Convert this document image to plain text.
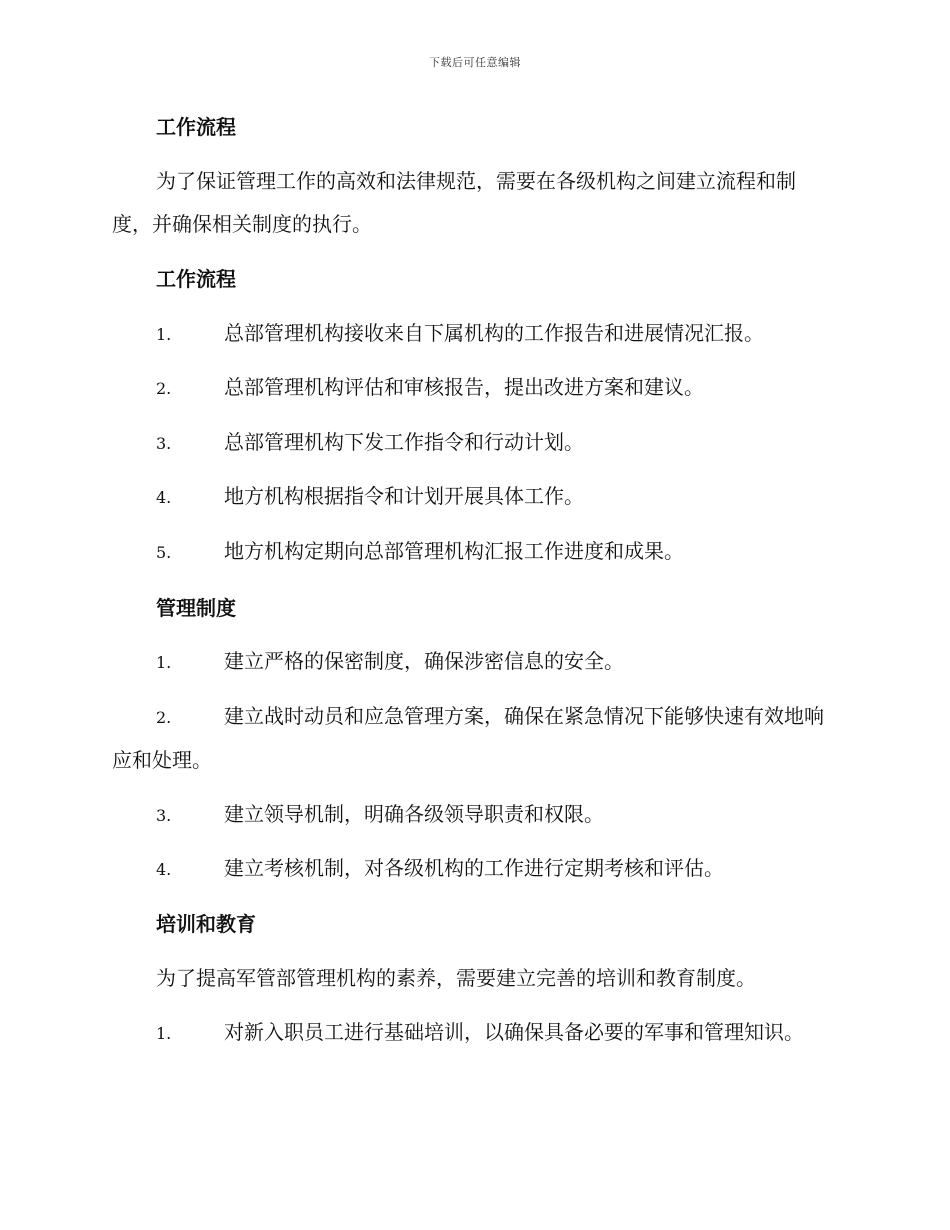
下载后可任意编辑
工作流程
为了保证管理工作的高效和法律规范，需要在各级机构之间建立流程和制度，并确保相关制度的执行。
工作流程
1.	总部管理机构接收来自下属机构的工作报告和进展情况汇报。
2.	总部管理机构评估和审核报告，提出改进方案和建议。
3.	总部管理机构下发工作指令和行动计划。
4.	地方机构根据指令和计划开展具体工作。
5.	地方机构定期向总部管理机构汇报工作进度和成果。
管理制度
1.	建立严格的保密制度，确保涉密信息的安全。
2.	建立战时动员和应急管理方案，确保在紧急情况下能够快速有效地响应和处理。
3.	建立领导机制，明确各级领导职责和权限。
4.	建立考核机制，对各级机构的工作进行定期考核和评估。
培训和教育
为了提高军管部管理机构的素养，需要建立完善的培训和教育制度。
1.	对新入职员工进行基础培训，以确保具备必要的军事和管理知识。
